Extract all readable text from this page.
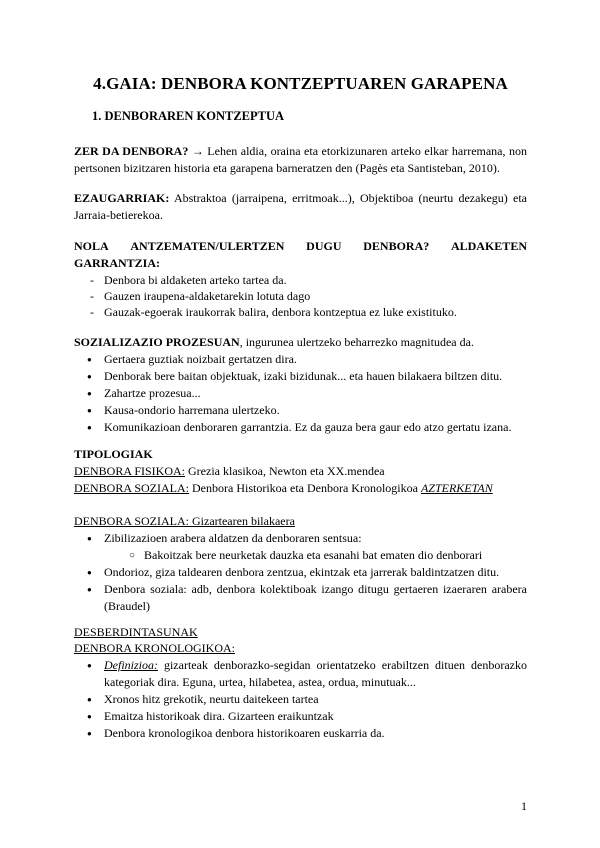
4.GAIA: DENBORA KONTZEPTUAREN GARAPENA
1. DENBORAREN KONTZEPTUA
ZER DA DENBORA? → Lehen aldia, oraina eta etorkizunaren arteko elkar harremana, non pertsonen bizitzaren historia eta garapena barneratzen den (Pagès eta Santisteban, 2010).
EZAUGARRIAK: Abstraktoa (jarraipena, erritmoak...), Objektiboa (neurtu dezakegu) eta Jarraia-betierekoa.
NOLA ANTZEMATEN/ULERTZEN DUGU DENBORA? ALDAKETEN
GARRANTZIA:
- Denbora bi aldaketen arteko tartea da.
- Gauzen iraupena-aldaketarekin lotuta dago
- Gauzak-egoerak iraukorrak balira, denbora kontzeptua ez luke existituko.
SOZIALIZAZIO PROZESUAN, ingurunea ulertzeko beharrezko magnitudea da.
● Gertaera guztiak noizbait gertatzen dira.
● Denborak bere baitan objektuak, izaki bizidunak... eta hauen bilakaera biltzen ditu.
● Zahartze prozesua...
● Kausa-ondorio harremana ulertzeko.
● Komunikazioan denboraren garrantzia. Ez da gauza bera gaur edo atzo gertatu izana.
TIPOLOGIAK
DENBORA FISIKOA: Grezia klasikoa, Newton eta XX.mendea
DENBORA SOZIALA: Denbora Historikoa eta Denbora Kronologikoa AZTERKETAN
DENBORA SOZIALA: Gizartearen bilakaera
● Zibilizazioen arabera aldatzen da denboraren sentsua:
○ Bakoitzak bere neurketak dauzka eta esanahi bat ematen dio denborari
● Ondorioz, gizа taldearen denbora zentzua, ekintzak eta jarrerak baldintzatzen ditu.
● Denbora soziala: adb, denbora kolektiboak izango ditugu gertaeren izaeraren arabera (Braudel)
DESBERDINTASUNAK
DENBORA KRONOLOGIKOA:
● Definizioa: gizarteak denborazko-segidan orientatzeko erabiltzen dituen denborazko kategoriak dira. Eguna, urtea, hilabetea, astea, ordua, minutuak...
● Xronos hitz grekotik, neurtu daitekeen tartea
● Emaitza historikoak dira. Gizarteen eraikuntzak
● Denbora kronologikoa denbora historikoaren euskarria da.
1
